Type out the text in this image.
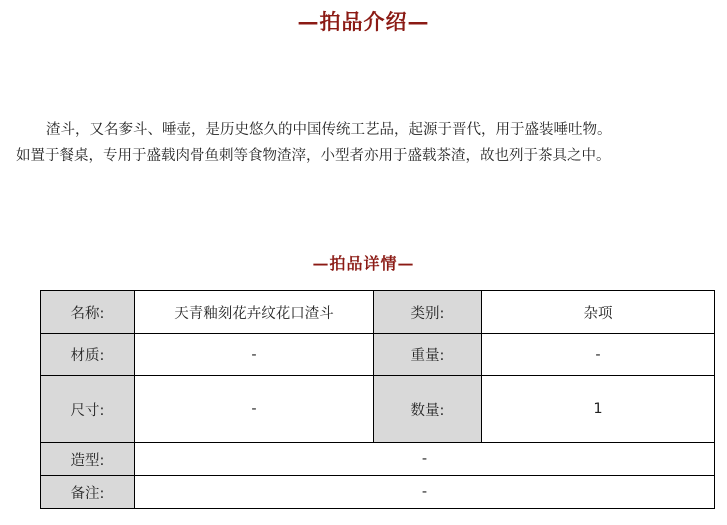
—拍品介绍—

渣斗，又名奓斗、唾壶，是历史悠久的中国传统工艺品，起源于晋代，用于盛装唾吐物。

如置于餐桌，专用于盛载肉骨鱼刺等食物渣滓，小型者亦用于盛载茶渣，故也列于茶具之中。

—拍品详情—
名称:	天青釉刻花卉纹花口渣斗	类别:	杂项
材质:	-	重量:	-
尺寸:	-	数量:	1
造型:	-		
备注:	-		
